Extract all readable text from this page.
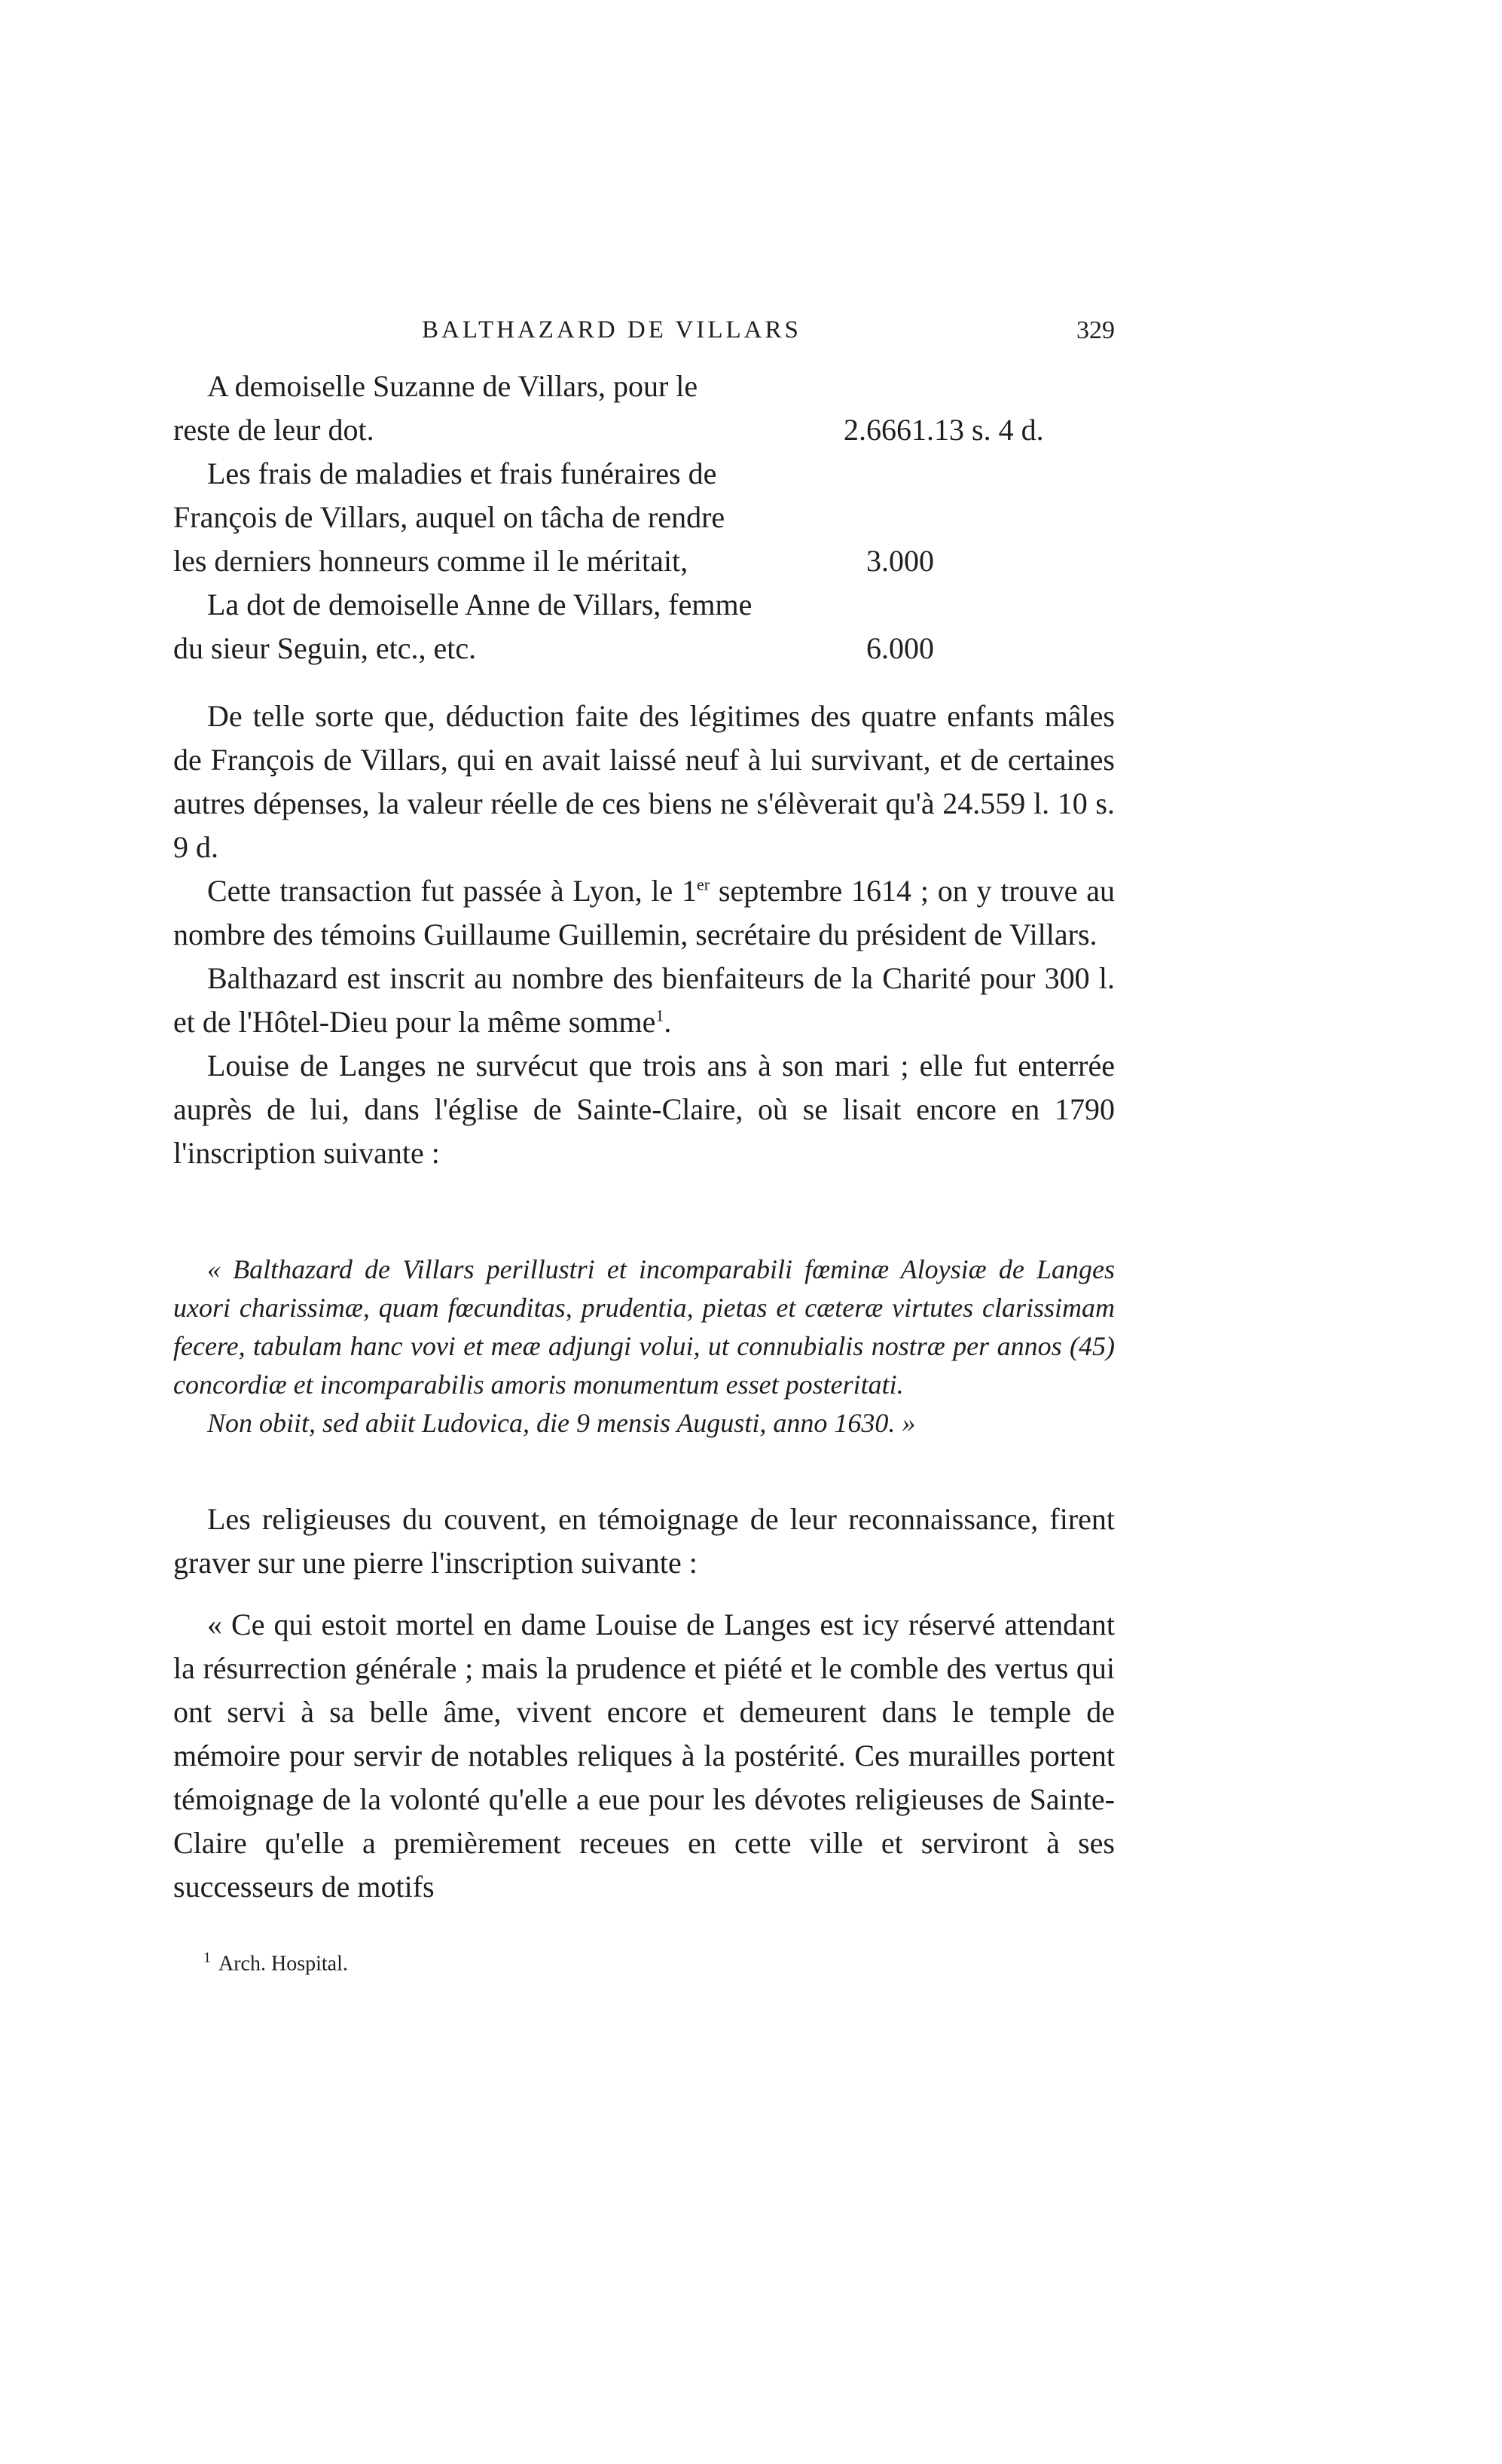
BALTHAZARD DE VILLARS	329
A demoiselle Suzanne de Villars, pour le
reste de leur dot.	2.6661.13 s. 4 d.
Les frais de maladies et frais funéraires de
François de Villars, auquel on tâcha de rendre
les derniers honneurs comme il le méritait,	3.000
La dot de demoiselle Anne de Villars, femme
du sieur Seguin, etc., etc.	6.000

De telle sorte que, déduction faite des légitimes des quatre enfants mâles de François de Villars, qui en avait laissé neuf à lui survivant, et de certaines autres dépenses, la valeur réelle de ces biens ne s'élèverait qu'à 24.559 l. 10 s. 9 d.

Cette transaction fut passée à Lyon, le 1er septembre 1614 ; on y trouve au nombre des témoins Guillaume Guillemin, secrétaire du président de Villars.

Balthazard est inscrit au nombre des bienfaiteurs de la Charité pour 300 l. et de l'Hôtel-Dieu pour la même somme$^1$.

Louise de Langes ne survécut que trois ans à son mari ; elle fut enterrée auprès de lui, dans l'église de Sainte-Claire, où se lisait encore en 1790 l'inscription suivante :

« Balthazard de Villars perillustri et incomparabili fœminæ Aloysiæ de Langes uxori charissimæ, quam fœcunditas, prudentia, pietas et cæteræ virtutes clarissimam fecere, tabulam hanc vovi et meæ adjungi volui, ut connubialis nostræ per annos (45) concordiæ et incomparabilis amoris monumentum esset posteritati.

Non obiit, sed abiit Ludovica, die 9 mensis Augusti, anno 1630. »

Les religieuses du couvent, en témoignage de leur reconnaissance, firent graver sur une pierre l'inscription suivante :

« Ce qui estoit mortel en dame Louise de Langes est icy réservé attendant la résurrection générale ; mais la prudence et piété et le comble des vertus qui ont servi à sa belle âme, vivent encore et demeurent dans le temple de mémoire pour servir de notables reliques à la postérité. Ces murailles portent témoignage de la volonté qu'elle a eue pour les dévotes religieuses de Sainte-Claire qu'elle a premièrement receues en cette ville et serviront à ses successeurs de motifs

$^1$ Arch. Hospital.
